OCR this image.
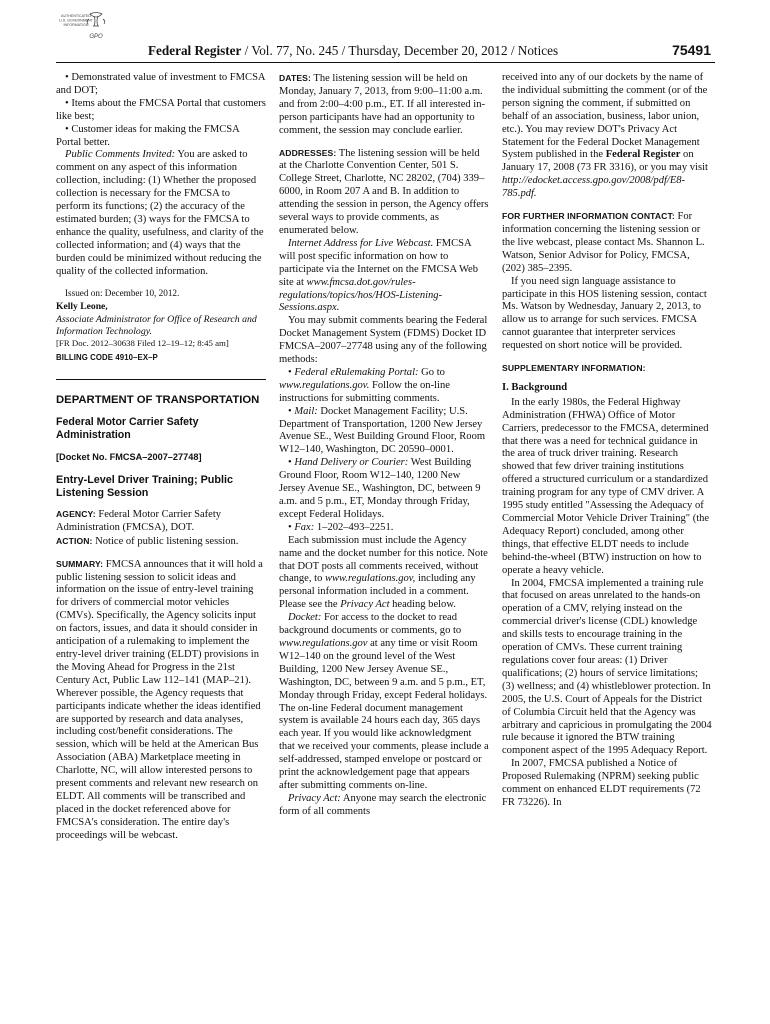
AUTHENTICATED
U.S. GOVERNMENT
INFORMATION
GPO
Federal Register / Vol. 77, No. 245 / Thursday, December 20, 2012 / Notices	75491

• Demonstrated value of investment to FMCSA and DOT;

• Items about the FMCSA Portal that customers like best;

• Customer ideas for making the FMCSA Portal better.

Public Comments Invited: You are asked to comment on any aspect of this information collection, including: (1) Whether the proposed collection is necessary for the FMCSA to perform its functions; (2) the accuracy of the estimated burden; (3) ways for the FMCSA to enhance the quality, usefulness, and clarity of the collected information; and (4) ways that the burden could be minimized without reducing the quality of the collected information.

Issued on: December 10, 2012.

Kelly Leone,

Associate Administrator for Office of Research and Information Technology.

[FR Doc. 2012–30638 Filed 12–19–12; 8:45 am]

BILLING CODE 4910–EX–P

DEPARTMENT OF TRANSPORTATION

Federal Motor Carrier Safety Administration

[Docket No. FMCSA–2007–27748]

Entry-Level Driver Training; Public Listening Session

AGENCY: Federal Motor Carrier Safety Administration (FMCSA), DOT.

ACTION: Notice of public listening session.

SUMMARY: FMCSA announces that it will hold a public listening session to solicit ideas and information on the issue of entry-level training for drivers of commercial motor vehicles (CMVs). Specifically, the Agency solicits input on factors, issues, and data it should consider in anticipation of a rulemaking to implement the entry-level driver training (ELDT) provisions in the Moving Ahead for Progress in the 21st Century Act, Public Law 112–141 (MAP–21). Wherever possible, the Agency requests that participants indicate whether the ideas identified are supported by research and data analyses, including cost/benefit considerations. The session, which will be held at the American Bus Association (ABA) Marketplace meeting in Charlotte, NC, will allow interested persons to present comments and relevant new research on ELDT. All comments will be transcribed and placed in the docket referenced above for FMCSA's consideration. The entire day's proceedings will be webcast.

DATES: The listening session will be held on Monday, January 7, 2013, from 9:00–11:00 a.m. and from 2:00–4:00 p.m., ET. If all interested in-person participants have had an opportunity to comment, the session may conclude earlier.

ADDRESSES: The listening session will be held at the Charlotte Convention Center, 501 S. College Street, Charlotte, NC 28202, (704) 339–6000, in Room 207 A and B. In addition to attending the session in person, the Agency offers several ways to provide comments, as enumerated below.

Internet Address for Live Webcast. FMCSA will post specific information on how to participate via the Internet on the FMCSA Web site at www.fmcsa.dot.gov/rules-regulations/topics/hos/HOS-Listening-Sessions.aspx.

You may submit comments bearing the Federal Docket Management System (FDMS) Docket ID FMCSA–2007–27748 using any of the following methods:

• Federal eRulemaking Portal: Go to www.regulations.gov. Follow the on-line instructions for submitting comments.

• Mail: Docket Management Facility; U.S. Department of Transportation, 1200 New Jersey Avenue SE., West Building Ground Floor, Room W12–140, Washington, DC 20590–0001.

• Hand Delivery or Courier: West Building Ground Floor, Room W12–140, 1200 New Jersey Avenue SE., Washington, DC, between 9 a.m. and 5 p.m., ET, Monday through Friday, except Federal Holidays.

• Fax: 1–202–493–2251.

Each submission must include the Agency name and the docket number for this notice. Note that DOT posts all comments received, without change, to www.regulations.gov, including any personal information included in a comment. Please see the Privacy Act heading below.

Docket: For access to the docket to read background documents or comments, go to www.regulations.gov at any time or visit Room W12–140 on the ground level of the West Building, 1200 New Jersey Avenue SE., Washington, DC, between 9 a.m. and 5 p.m., ET, Monday through Friday, except Federal holidays. The on-line Federal document management system is available 24 hours each day, 365 days each year. If you would like acknowledgment that we received your comments, please include a self-addressed, stamped envelope or postcard or print the acknowledgement page that appears after submitting comments on-line.

Privacy Act: Anyone may search the electronic form of all comments

received into any of our dockets by the name of the individual submitting the comment (or of the person signing the comment, if submitted on behalf of an association, business, labor union, etc.). You may review DOT's Privacy Act Statement for the Federal Docket Management System published in the Federal Register on January 17, 2008 (73 FR 3316), or you may visit http://edocket.access.gpo.gov/2008/pdf/E8-785.pdf.

FOR FURTHER INFORMATION CONTACT: For information concerning the listening session or the live webcast, please contact Ms. Shannon L. Watson, Senior Advisor for Policy, FMCSA, (202) 385–2395.

If you need sign language assistance to participate in this HOS listening session, contact Ms. Watson by Wednesday, January 2, 2013, to allow us to arrange for such services. FMCSA cannot guarantee that interpreter services requested on short notice will be provided.

SUPPLEMENTARY INFORMATION:

I. Background

In the early 1980s, the Federal Highway Administration (FHWA) Office of Motor Carriers, predecessor to the FMCSA, determined that there was a need for technical guidance in the area of truck driver training. Research showed that few driver training institutions offered a structured curriculum or a standardized training program for any type of CMV driver. A 1995 study entitled "Assessing the Adequacy of Commercial Motor Vehicle Driver Training" (the Adequacy Report) concluded, among other things, that effective ELDT needs to include behind-the-wheel (BTW) instruction on how to operate a heavy vehicle.

In 2004, FMCSA implemented a training rule that focused on areas unrelated to the hands-on operation of a CMV, relying instead on the commercial driver's license (CDL) knowledge and skills tests to encourage training in the operation of CMVs. These current training regulations cover four areas: (1) Driver qualifications; (2) hours of service limitations; (3) wellness; and (4) whistleblower protection. In 2005, the U.S. Court of Appeals for the District of Columbia Circuit held that the Agency was arbitrary and capricious in promulgating the 2004 rule because it ignored the BTW training component aspect of the 1995 Adequacy Report.

In 2007, FMCSA published a Notice of Proposed Rulemaking (NPRM) seeking public comment on enhanced ELDT requirements (72 FR 73226). In
